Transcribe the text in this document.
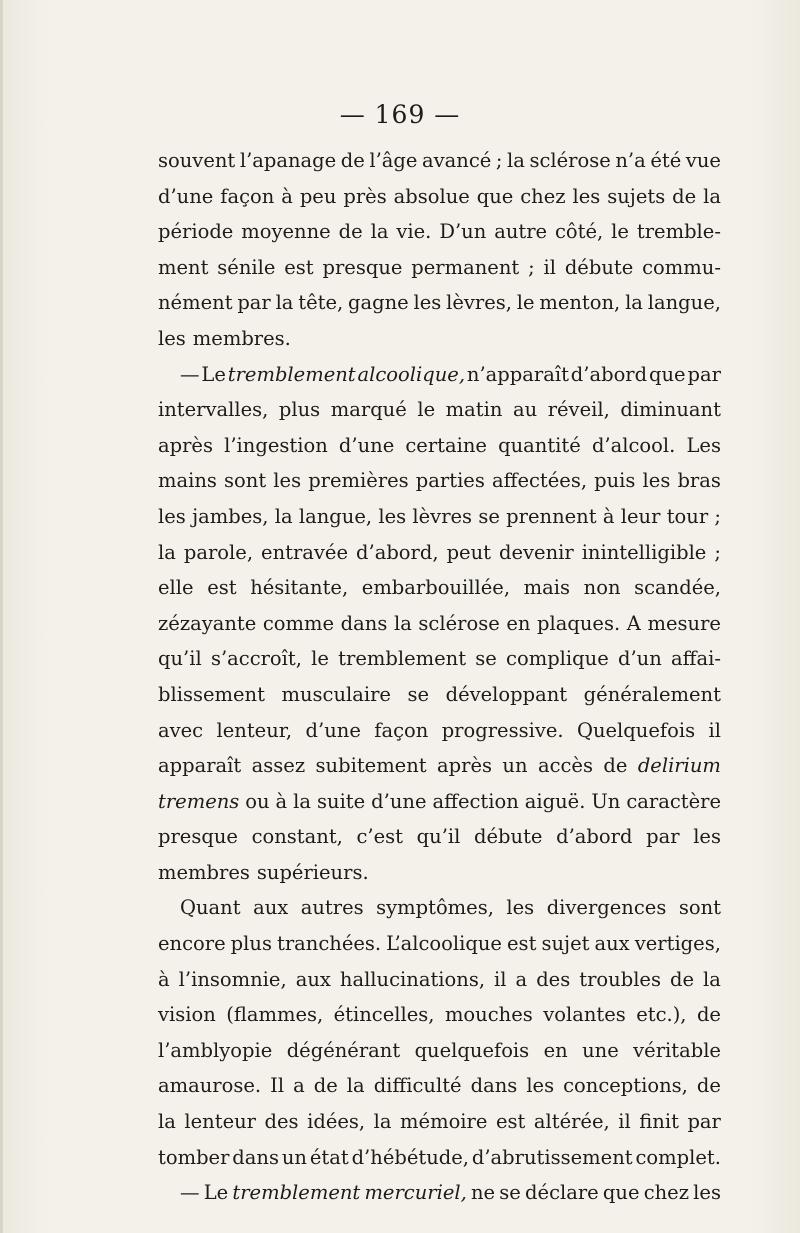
— 169 —
souvent l’apanage de l’âge avancé ; la sclérose n’a été vue
d’une façon à peu près absolue que chez les sujets de la
période moyenne de la vie. D’un autre côté, le tremble-
ment sénile est presque permanent ; il débute commu-
nément par la tête, gagne les lèvres, le menton, la langue,
les membres.
— Le tremblement alcoolique, n’apparaît d’abord que par
intervalles, plus marqué le matin au réveil, diminuant
après l’ingestion d’une certaine quantité d’alcool. Les
mains sont les premières parties affectées, puis les bras
les jambes, la langue, les lèvres se prennent à leur tour ;
la parole, entravée d’abord, peut devenir inintelligible ;
elle est hésitante, embarbouillée, mais non scandée,
zézayante comme dans la sclérose en plaques. A mesure
qu’il s’accroît, le tremblement se complique d’un affai-
blissement musculaire se développant généralement
avec lenteur, d’une façon progressive. Quelquefois il
apparaît assez subitement après un accès de delirium
tremens ou à la suite d’une affection aiguë. Un caractère
presque constant, c’est qu’il débute d’abord par les
membres supérieurs.
Quant aux autres symptômes, les divergences sont
encore plus tranchées. L’alcoolique est sujet aux vertiges,
à l’insomnie, aux hallucinations, il a des troubles de la
vision (flammes, étincelles, mouches volantes etc.), de
l’amblyopie dégénérant quelquefois en une véritable
amaurose. Il a de la difficulté dans les conceptions, de
la lenteur des idées, la mémoire est altérée, il finit par
tomber dans un état d’hébétude, d’abrutissement complet.
— Le tremblement mercuriel, ne se déclare que chez les
